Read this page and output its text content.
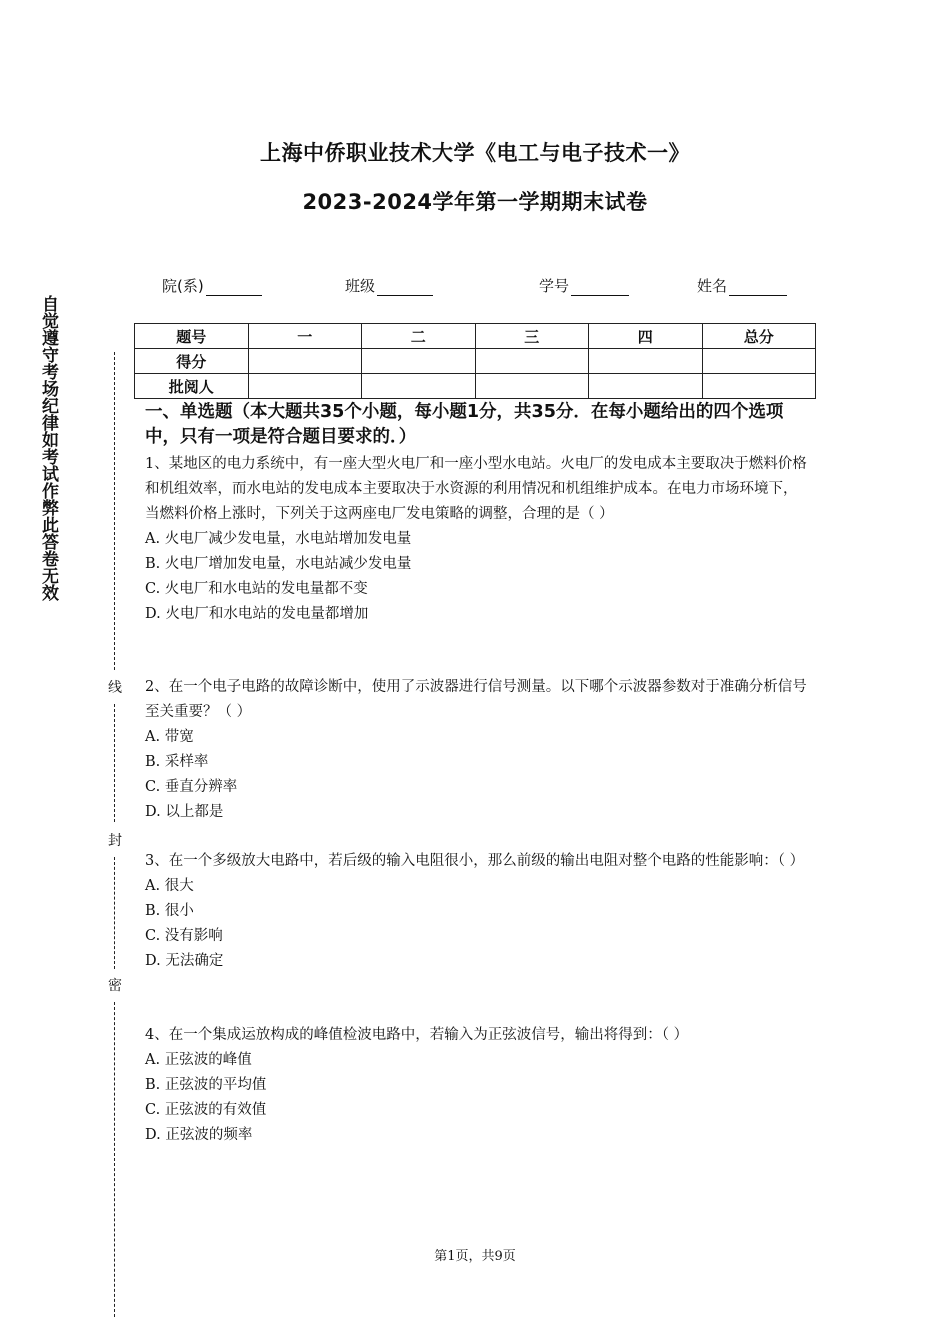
上海中侨职业技术大学《电工与电子技术一》
2023-2024学年第一学期期末试卷
院(系)	班级	学号	姓名
题号	一	二	三	四	总分
得分					
批阅人					
自觉遵守考场纪律如考试作弊此答卷无效
线
封
密
一、单选题（本大题共35个小题，每小题1分，共35分．在每小题给出的四个选项中，只有一项是符合题目要求的．）

1、某地区的电力系统中，有一座大型火电厂和一座小型水电站。火电厂的发电成本主要取决于燃料价格和机组效率，而水电站的发电成本主要取决于水资源的利用情况和机组维护成本。在电力市场环境下，当燃料价格上涨时，下列关于这两座电厂发电策略的调整，合理的是（ ）

A. 火电厂减少发电量，水电站增加发电量

B. 火电厂增加发电量，水电站减少发电量

C. 火电厂和水电站的发电量都不变

D. 火电厂和水电站的发电量都增加

2、在一个电子电路的故障诊断中，使用了示波器进行信号测量。以下哪个示波器参数对于准确分析信号至关重要？（ ）

A. 带宽

B. 采样率

C. 垂直分辨率

D. 以上都是

3、在一个多级放大电路中，若后级的输入电阻很小，那么前级的输出电阻对整个电路的性能影响：（ ）

A. 很大

B. 很小

C. 没有影响

D. 无法确定

4、在一个集成运放构成的峰值检波电路中，若输入为正弦波信号，输出将得到：（ ）

A. 正弦波的峰值

B. 正弦波的平均值

C. 正弦波的有效值

D. 正弦波的频率

第1页，共9页
